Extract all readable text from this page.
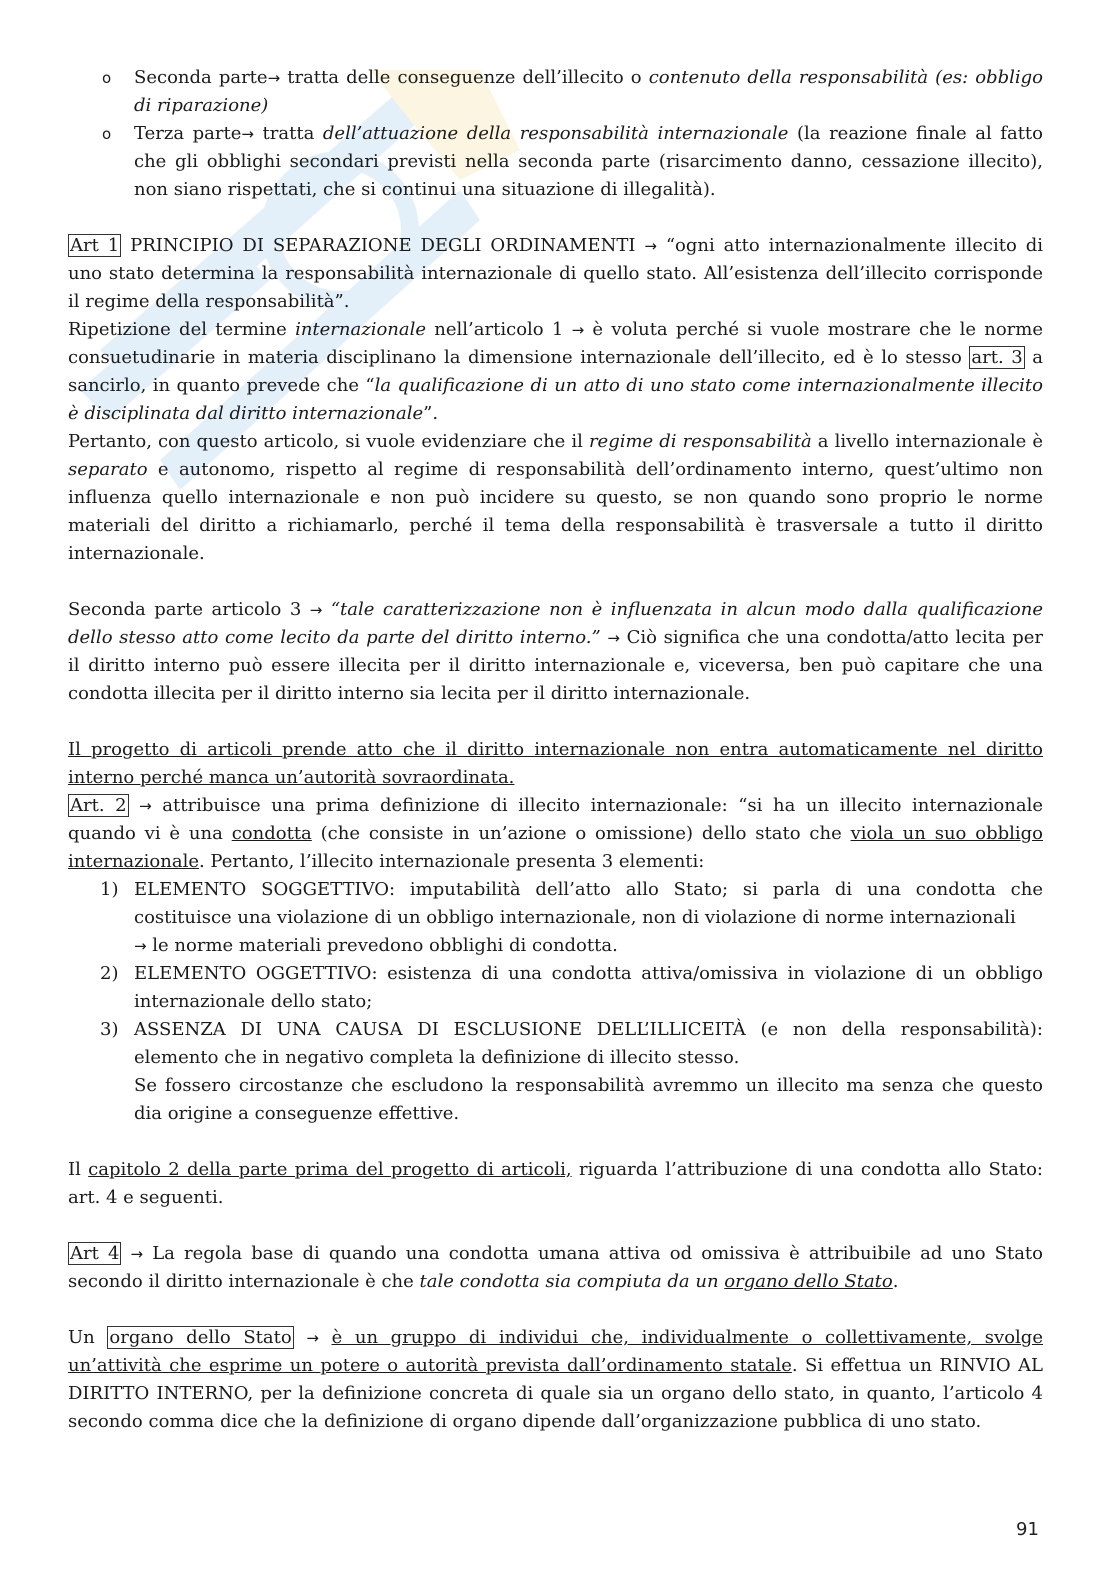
o	Seconda parte→ tratta delle conseguenze dell’illecito o contenuto della responsabilità (es: obbligo di riparazione)
o	Terza parte→ tratta dell’attuazione della responsabilità internazionale (la reazione finale al fatto che gli obblighi secondari previsti nella seconda parte (risarcimento danno, cessazione illecito), non siano rispettati, che si continui una situazione di illegalità).

Art 1 PRINCIPIO DI SEPARAZIONE DEGLI ORDINAMENTI → “ogni atto internazionalmente illecito di uno stato determina la responsabilità internazionale di quello stato. All’esistenza dell’illecito corrisponde il regime della responsabilità”.

Ripetizione del termine internazionale nell’articolo 1 → è voluta perché si vuole mostrare che le norme consuetudinarie in materia disciplinano la dimensione internazionale dell’illecito, ed è lo stesso art. 3 a sancirlo, in quanto prevede che “la qualificazione di un atto di uno stato come internazionalmente illecito è disciplinata dal diritto internazionale”.

Pertanto, con questo articolo, si vuole evidenziare che il regime di responsabilità a livello internazionale è separato e autonomo, rispetto al regime di responsabilità dell’ordinamento interno, quest’ultimo non influenza quello internazionale e non può incidere su questo, se non quando sono proprio le norme materiali del diritto a richiamarlo, perché il tema della responsabilità è trasversale a tutto il diritto internazionale.

Seconda parte articolo 3 → “tale caratterizzazione non è influenzata in alcun modo dalla qualificazione dello stesso atto come lecito da parte del diritto interno.” → Ciò significa che una condotta/atto lecita per il diritto interno può essere illecita per il diritto internazionale e, viceversa, ben può capitare che una condotta illecita per il diritto interno sia lecita per il diritto internazionale.

Il progetto di articoli prende atto che il diritto internazionale non entra automaticamente nel diritto interno perché manca un’autorità sovraordinata.

Art. 2 → attribuisce una prima definizione di illecito internazionale: “si ha un illecito internazionale quando vi è una condotta (che consiste in un’azione o omissione) dello stato che viola un suo obbligo internazionale. Pertanto, l’illecito internazionale presenta 3 elementi:

1) ELEMENTO SOGGETTIVO: imputabilità dell’atto allo Stato; si parla di una condotta che costituisce una violazione di un obbligo internazionale, non di violazione di norme internazionali
→ le norme materiali prevedono obblighi di condotta.
2) ELEMENTO OGGETTIVO: esistenza di una condotta attiva/omissiva in violazione di un obbligo internazionale dello stato;
3) ASSENZA DI UNA CAUSA DI ESCLUSIONE DELL’ILLICEITÀ (e non della responsabilità): elemento che in negativo completa la definizione di illecito stesso.
Se fossero circostanze che escludono la responsabilità avremmo un illecito ma senza che questo dia origine a conseguenze effettive.

Il capitolo 2 della parte prima del progetto di articoli, riguarda l’attribuzione di una condotta allo Stato: art. 4 e seguenti.

Art 4 → La regola base di quando una condotta umana attiva od omissiva è attribuibile ad uno Stato secondo il diritto internazionale è che tale condotta sia compiuta da un organo dello Stato.

Un organo dello Stato → è un gruppo di individui che, individualmente o collettivamente, svolge un’attività che esprime un potere o autorità prevista dall’ordinamento statale. Si effettua un RINVIO AL DIRITTO INTERNO, per la definizione concreta di quale sia un organo dello stato, in quanto, l’articolo 4 secondo comma dice che la definizione di organo dipende dall’organizzazione pubblica di uno stato.

91
